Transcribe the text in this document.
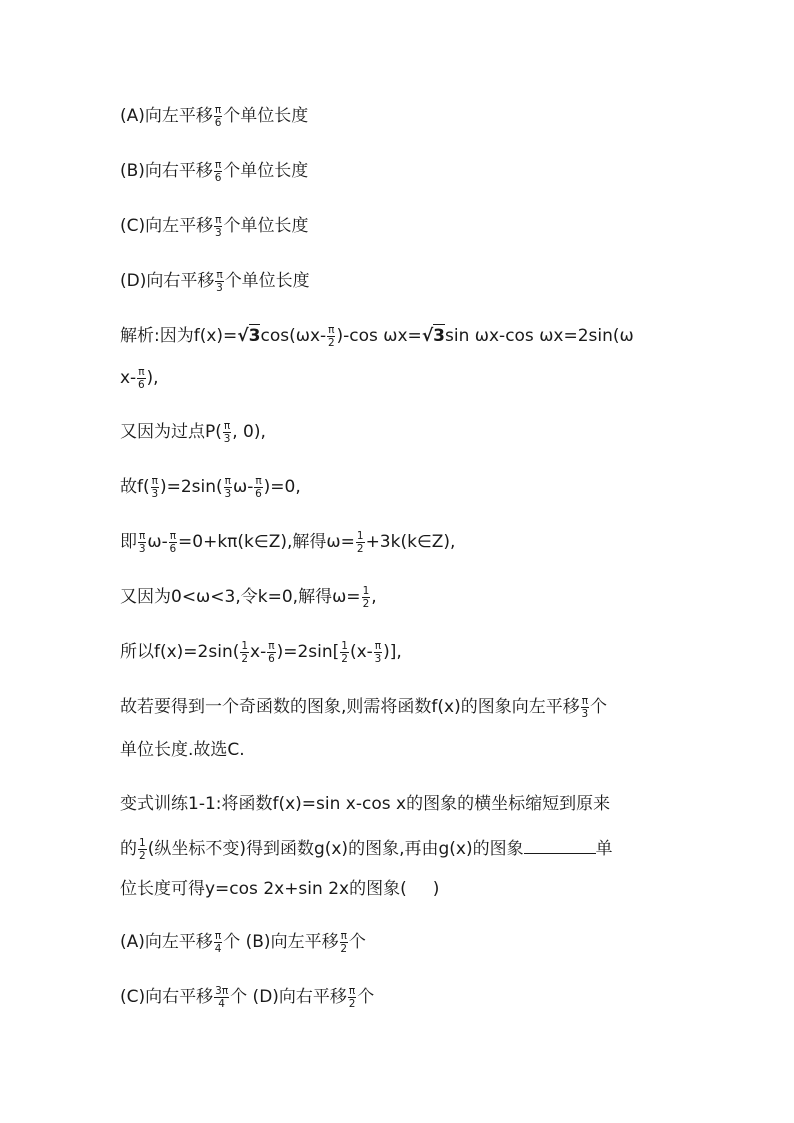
(A)向左平移 $\frac{\pi}{6}$ 个单位长度
(B)向右平移 $\frac{\pi}{6}$ 个单位长度
(C)向左平移 $\frac{\pi}{3}$ 个单位长度
(D)向右平移 $\frac{\pi}{3}$ 个单位长度
解析:因为$f(x)=√3\cos(\omega x- \frac{\pi}{2} )-\cos$ ωx=√3sin ωx-cos ωx=2sin(ω
$x- \frac{\pi}{6}$ ),
又因为过点$P( \frac{\pi}{3}$ , 0),
故$f( \frac{\pi}{3} )=2\sin( \frac{\pi}{3} \omega- \frac{\pi}{6} )=0$,
即 $\frac{\pi}{3} \omega- \frac{\pi}{6}$ =0+kπ(k∈Z),解得$\omega= \frac{1}{2}$ +3k(k∈Z),
又因为0<ω<3,令k=0,解得$\omega= \frac{1}{2}$ ,
所以$f(x)=2\sin( \frac{1}{2} x- \frac{\pi}{6} )=2\sin[ \frac{1}{2} (x- \frac{\pi}{3}$ )],
故若要得到一个奇函数的图象,则需将函数f(x)的图象向左平移 $\frac{\pi}{3}$ 个
单位长度.故选C.
变式训练1-1:将函数f(x)=sin x-cos x的图象的横坐标缩短到原来
的 $\frac{1}{2}$ (纵坐标不变)得到函数g(x)的图象,再由g(x)的图象	单
位长度可得y=cos 2x+sin 2x的图象( )
(A)向左平移 $\frac{\pi}{4}$ 个 (B)向左平移 $\frac{\pi}{2}$ 个
(C)向右平移 $\frac{3\pi}{4}$ 个 (D)向右平移 $\frac{\pi}{2}$ 个
